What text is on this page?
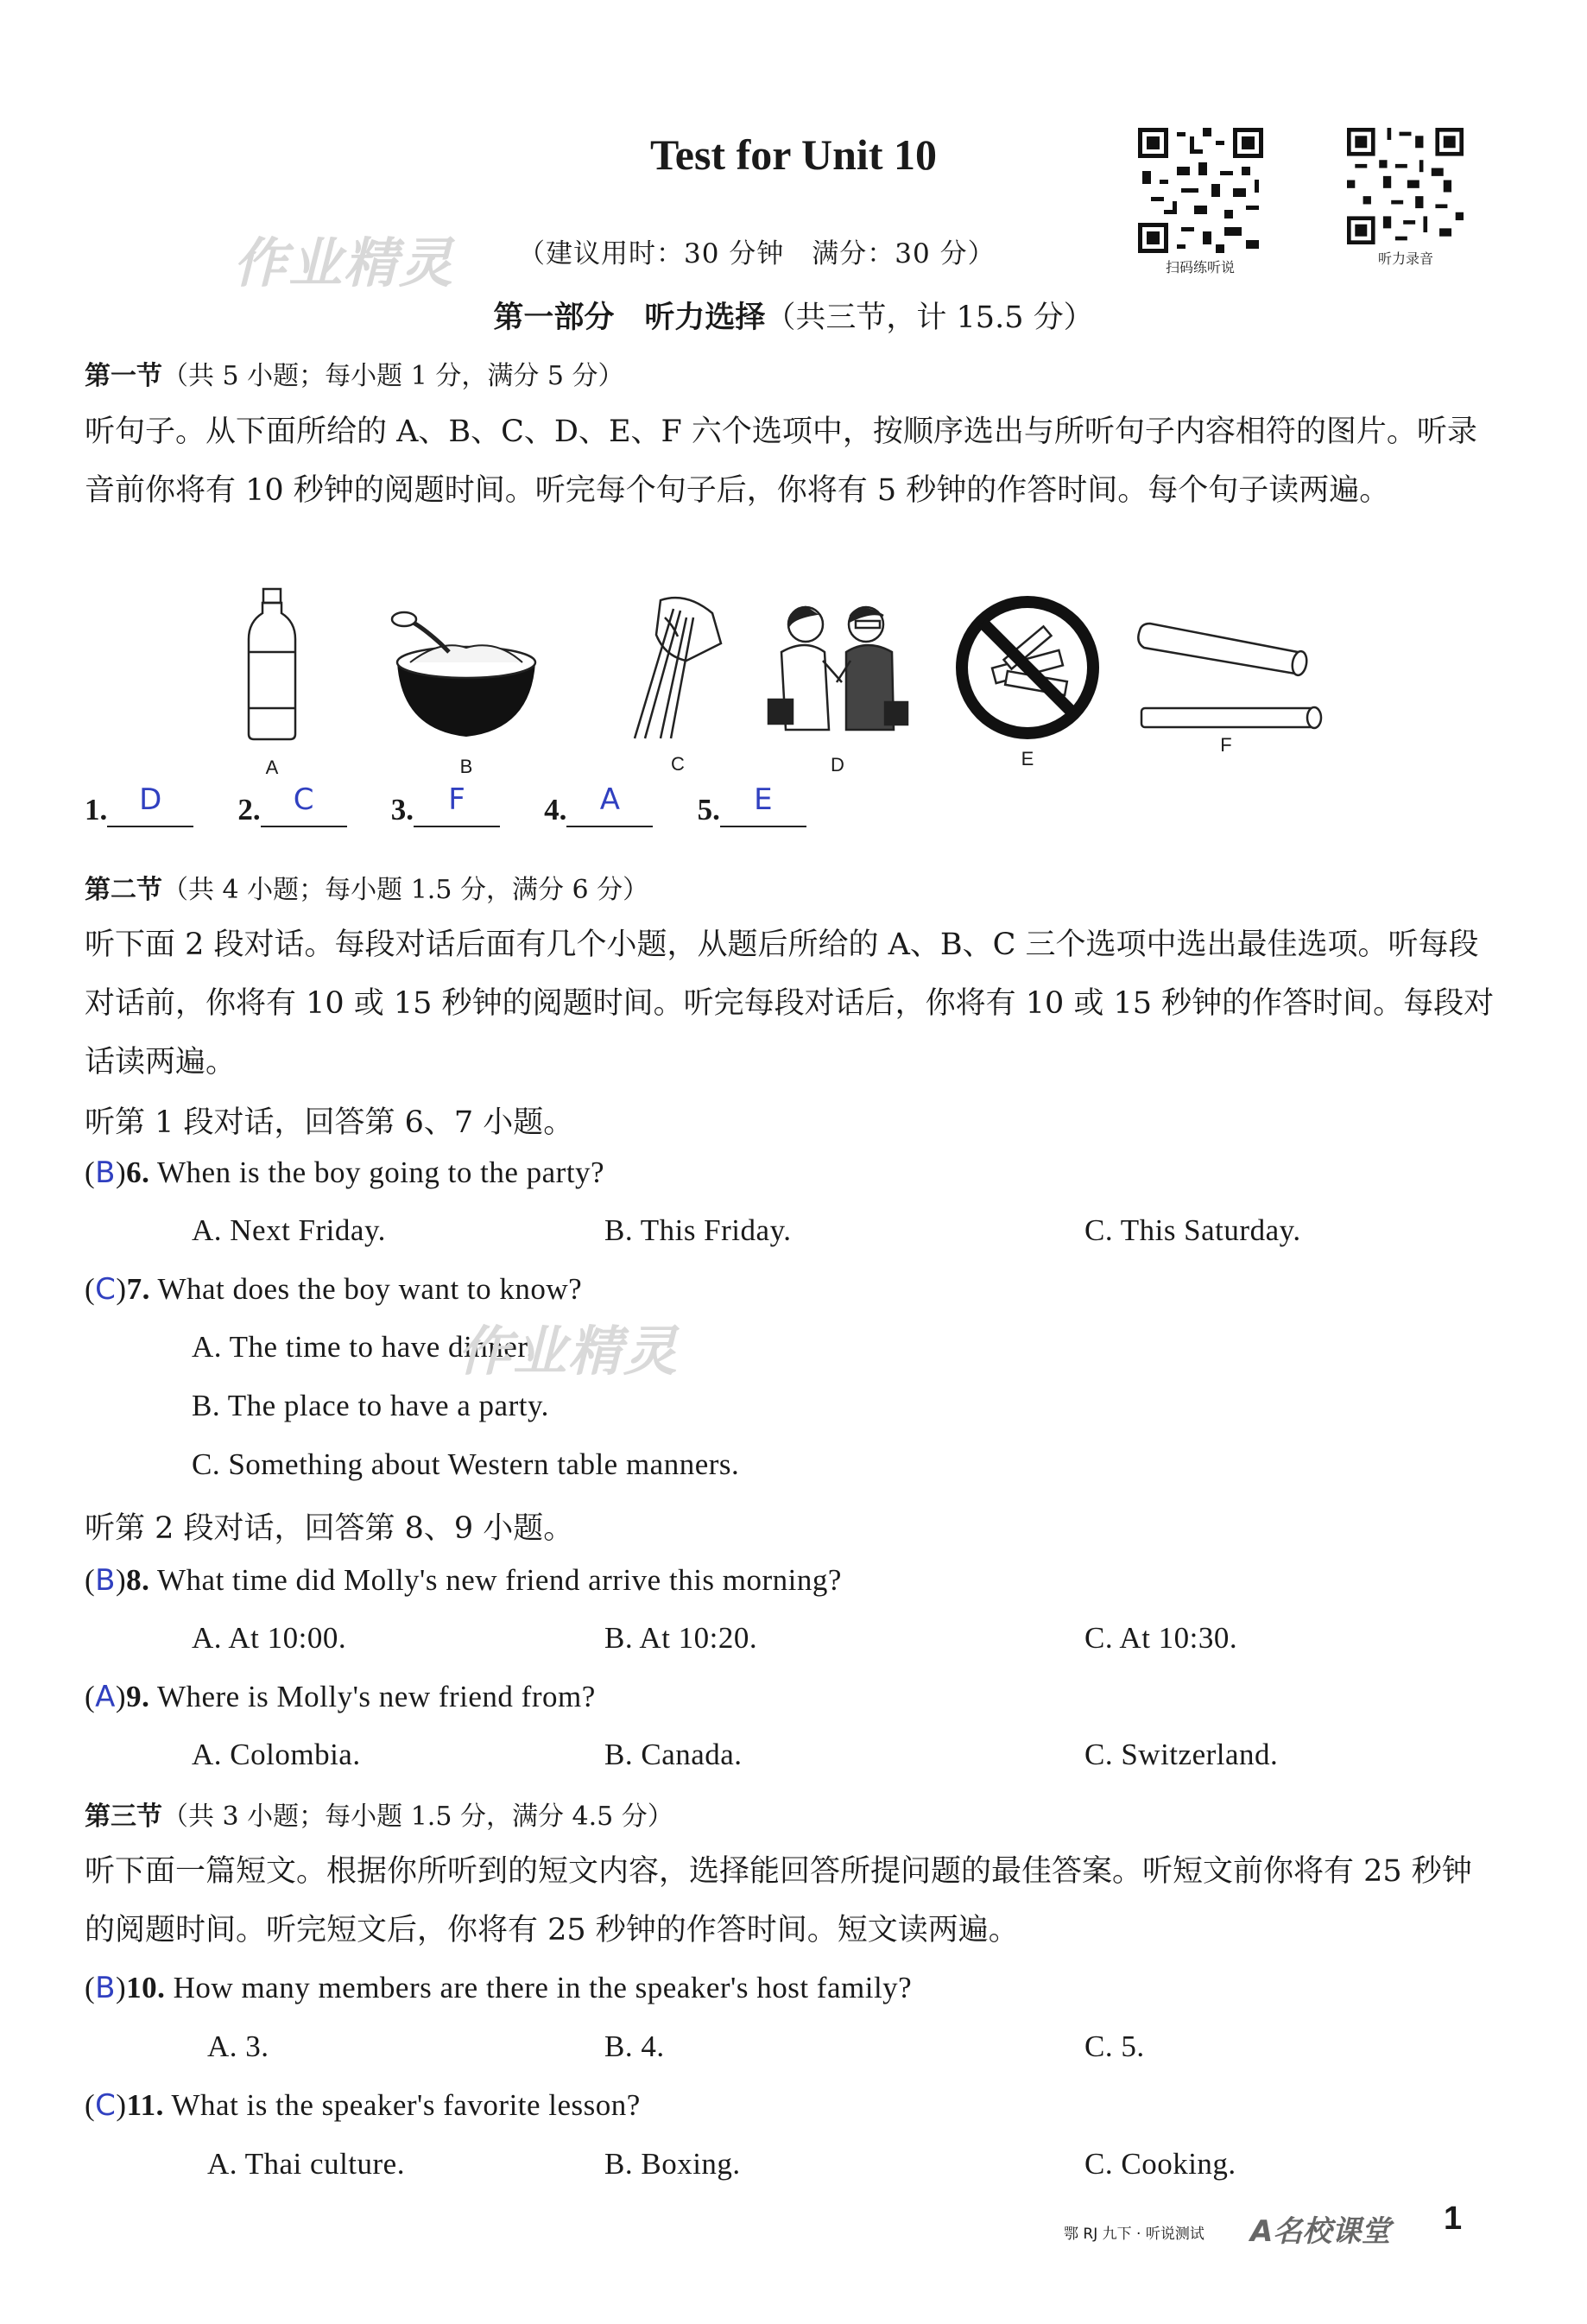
Test for Unit 10
作业精灵 （建议用时：30 分钟　满分：30 分）	扫码练听说
听力录音
第一部分　听力选择（共三节，计 15.5 分）
第一节（共 5 小题；每小题 1 分，满分 5 分）
听句子。从下面所给的 A、B、C、D、E、F 六个选项中，按顺序选出与所听句子内容相符的图片。听录音前你将有 10 秒钟的阅题时间。听完每个句子后，你将有 5 秒钟的作答时间。每个句子读两遍。
A	B	C	D	E
F
1. D	2. C	3. F	4. A	5. E
第二节（共 4 小题；每小题 1.5 分，满分 6 分）
听下面 2 段对话。每段对话后面有几个小题，从题后所给的 A、B、C 三个选项中选出最佳选项。听每段对话前，你将有 10 或 15 秒钟的阅题时间。听完每段对话后，你将有 10 或 15 秒钟的作答时间。每段对话读两遍。
听第 1 段对话，回答第 6、7 小题。
(B)6. When is the boy going to the party?
A. Next Friday.	B. This Friday.	C. This Saturday.
(C)7. What does the boy want to know?
A. The time to have dinner.
作业精灵
B. The place to have a party.
C. Something about Western table manners.
听第 2 段对话，回答第 8、9 小题。
(B)8. What time did Molly's new friend arrive this morning?
A. At 10:00.	B. At 10:20.	C. At 10:30.
(A)9. Where is Molly's new friend from?
A. Colombia.	B. Canada.	C. Switzerland.
第三节（共 3 小题；每小题 1.5 分，满分 4.5 分）
听下面一篇短文。根据你所听到的短文内容，选择能回答所提问题的最佳答案。听短文前你将有 25 秒钟的阅题时间。听完短文后，你将有 25 秒钟的作答时间。短文读两遍。
(B)10. How many members are there in the speaker's host family?
A. 3.	B. 4.	C. 5.
(C)11. What is the speaker's favorite lesson?
A. Thai culture.	B. Boxing.	C. Cooking.
鄂 RJ 九下 · 听说测试 A名校课堂 1
